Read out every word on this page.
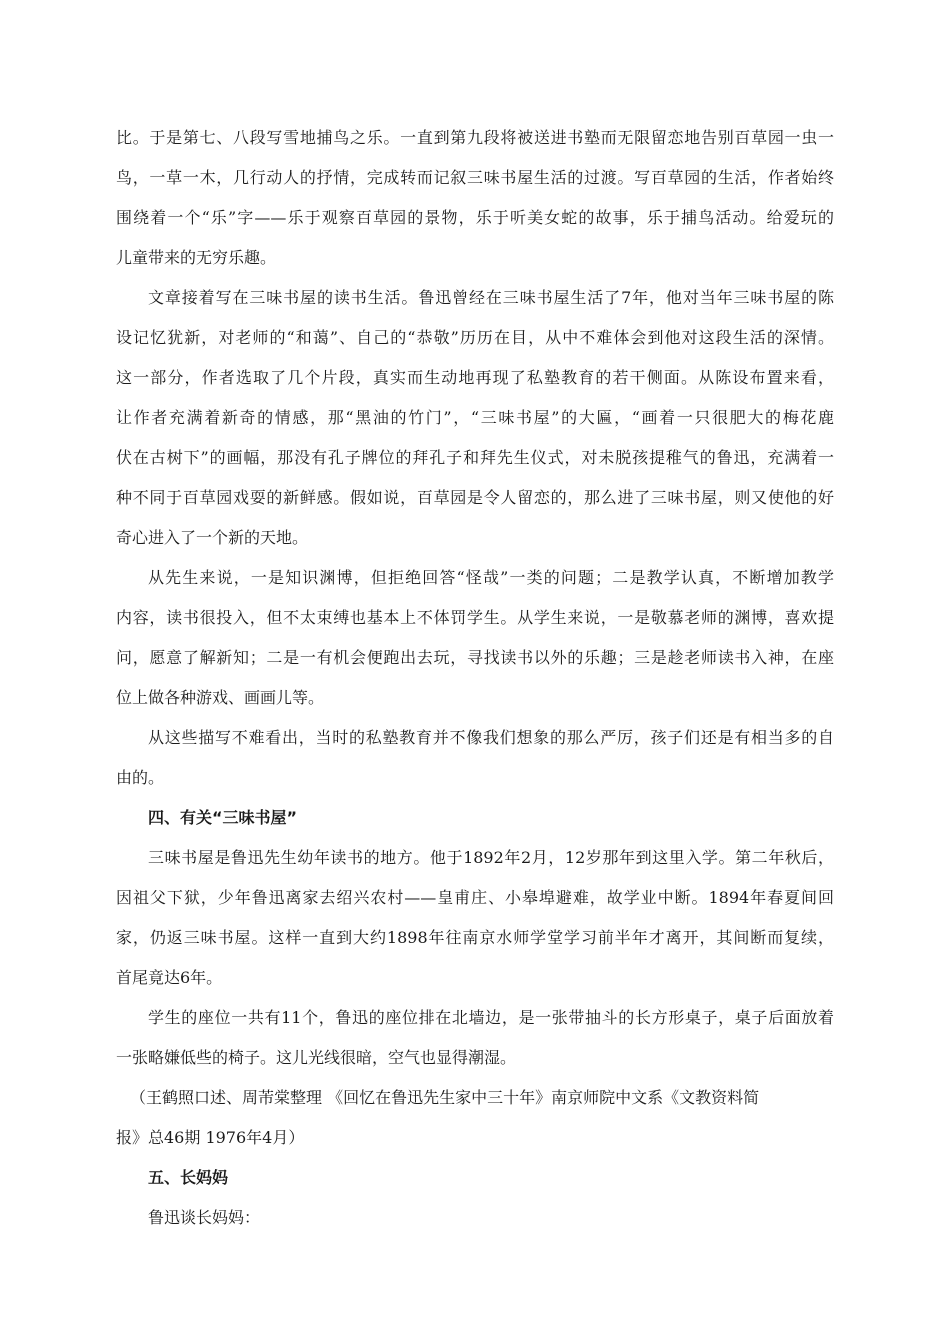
比。于是第七、八段写雪地捕鸟之乐。一直到第九段将被送进书塾而无限留恋地告别百草园一虫一

鸟，一草一木，几行动人的抒情，完成转而记叙三味书屋生活的过渡。写百草园的生活，作者始终

围绕着一个“乐”字——乐于观察百草园的景物，乐于听美女蛇的故事，乐于捕鸟活动。给爱玩的

儿童带来的无穷乐趣。

文章接着写在三味书屋的读书生活。鲁迅曾经在三味书屋生活了7年，他对当年三味书屋的陈

设记忆犹新，对老师的“和蔼”、自己的“恭敬”历历在目，从中不难体会到他对这段生活的深情。

这一部分，作者选取了几个片段，真实而生动地再现了私塾教育的若干侧面。从陈设布置来看，

让作者充满着新奇的情感，那“黑油的竹门”，“三味书屋”的大匾，“画着一只很肥大的梅花鹿

伏在古树下”的画幅，那没有孔子牌位的拜孔子和拜先生仪式，对未脱孩提稚气的鲁迅，充满着一

种不同于百草园戏耍的新鲜感。假如说，百草园是令人留恋的，那么进了三味书屋，则又使他的好

奇心进入了一个新的天地。

从先生来说，一是知识渊博，但拒绝回答“怪哉”一类的问题；二是教学认真，不断增加教学

内容，读书很投入，但不太束缚也基本上不体罚学生。从学生来说，一是敬慕老师的渊博，喜欢提

问，愿意了解新知；二是一有机会便跑出去玩，寻找读书以外的乐趣；三是趁老师读书入神，在座

位上做各种游戏、画画儿等。

从这些描写不难看出，当时的私塾教育并不像我们想象的那么严厉，孩子们还是有相当多的自

由的。

四、有关“三味书屋”

三味书屋是鲁迅先生幼年读书的地方。他于1892年2月，12岁那年到这里入学。第二年秋后，

因祖父下狱，少年鲁迅离家去绍兴农村——皇甫庄、小皋埠避难，故学业中断。1894年春夏间回

家，仍返三味书屋。这样一直到大约1898年往南京水师学堂学习前半年才离开，其间断而复续，

首尾竟达6年。

学生的座位一共有11个，鲁迅的座位排在北墙边，是一张带抽斗的长方形桌子，桌子后面放着

一张略嫌低些的椅子。这儿光线很暗，空气也显得潮湿。

（王鹤照口述、周芾棠整理 《回忆在鲁迅先生家中三十年》南京师院中文系《文教资料简

报》总46期 1976年4月）

五、长妈妈

鲁迅谈长妈妈：
